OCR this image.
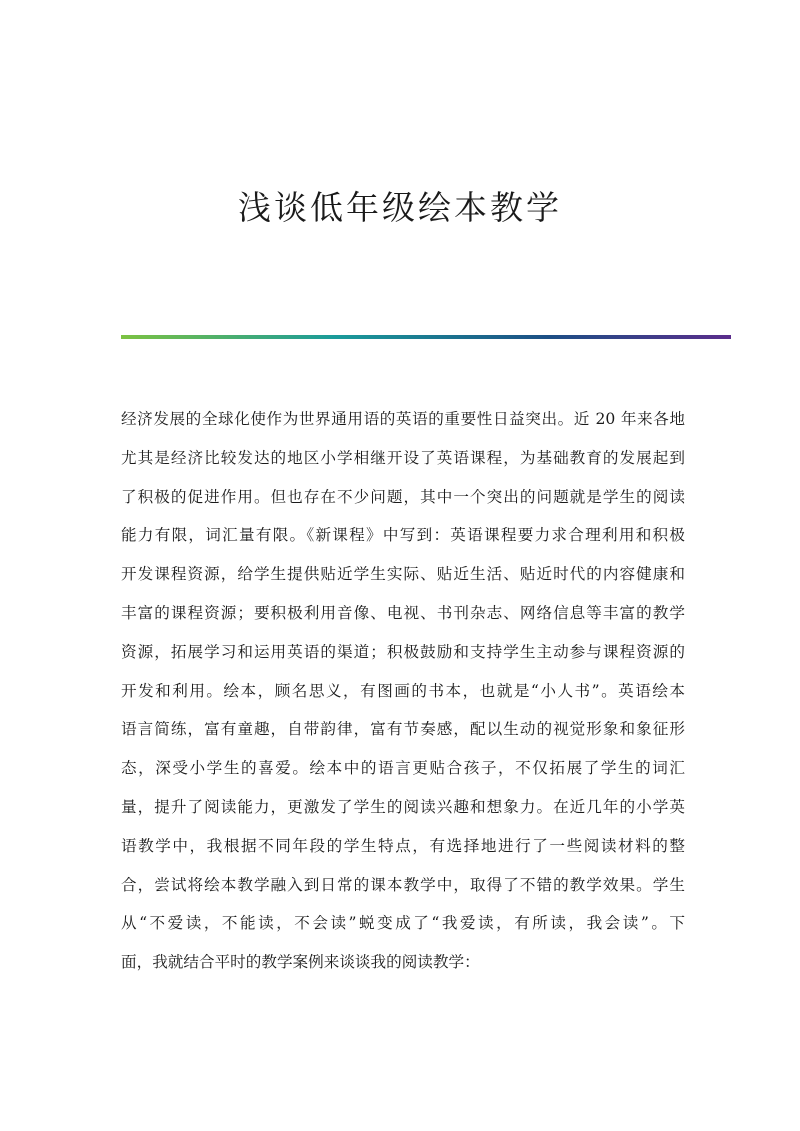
浅谈低年级绘本教学
经济发展的全球化使作为世界通用语的英语的重要性日益突出。近 20 年来各地
尤其是经济比较发达的地区小学相继开设了英语课程，为基础教育的发展起到
了积极的促进作用。但也存在不少问题，其中一个突出的问题就是学生的阅读
能力有限，词汇量有限。《新课程》中写到：英语课程要力求合理利用和积极
开发课程资源，给学生提供贴近学生实际、贴近生活、贴近时代的内容健康和
丰富的课程资源；要积极利用音像、电视、书刊杂志、网络信息等丰富的教学
资源，拓展学习和运用英语的渠道；积极鼓励和支持学生主动参与课程资源的
开发和利用。绘本，顾名思义，有图画的书本，也就是“小人书”。英语绘本
语言简练，富有童趣，自带韵律，富有节奏感，配以生动的视觉形象和象征形
态，深受小学生的喜爱。绘本中的语言更贴合孩子，不仅拓展了学生的词汇
量，提升了阅读能力，更激发了学生的阅读兴趣和想象力。在近几年的小学英
语教学中，我根据不同年段的学生特点，有选择地进行了一些阅读材料的整
合，尝试将绘本教学融入到日常的课本教学中，取得了不错的教学效果。学生
从“不爱读，不能读，不会读”蜕变成了“我爱读，有所读，我会读”。下
面，我就结合平时的教学案例来谈谈我的阅读教学：
